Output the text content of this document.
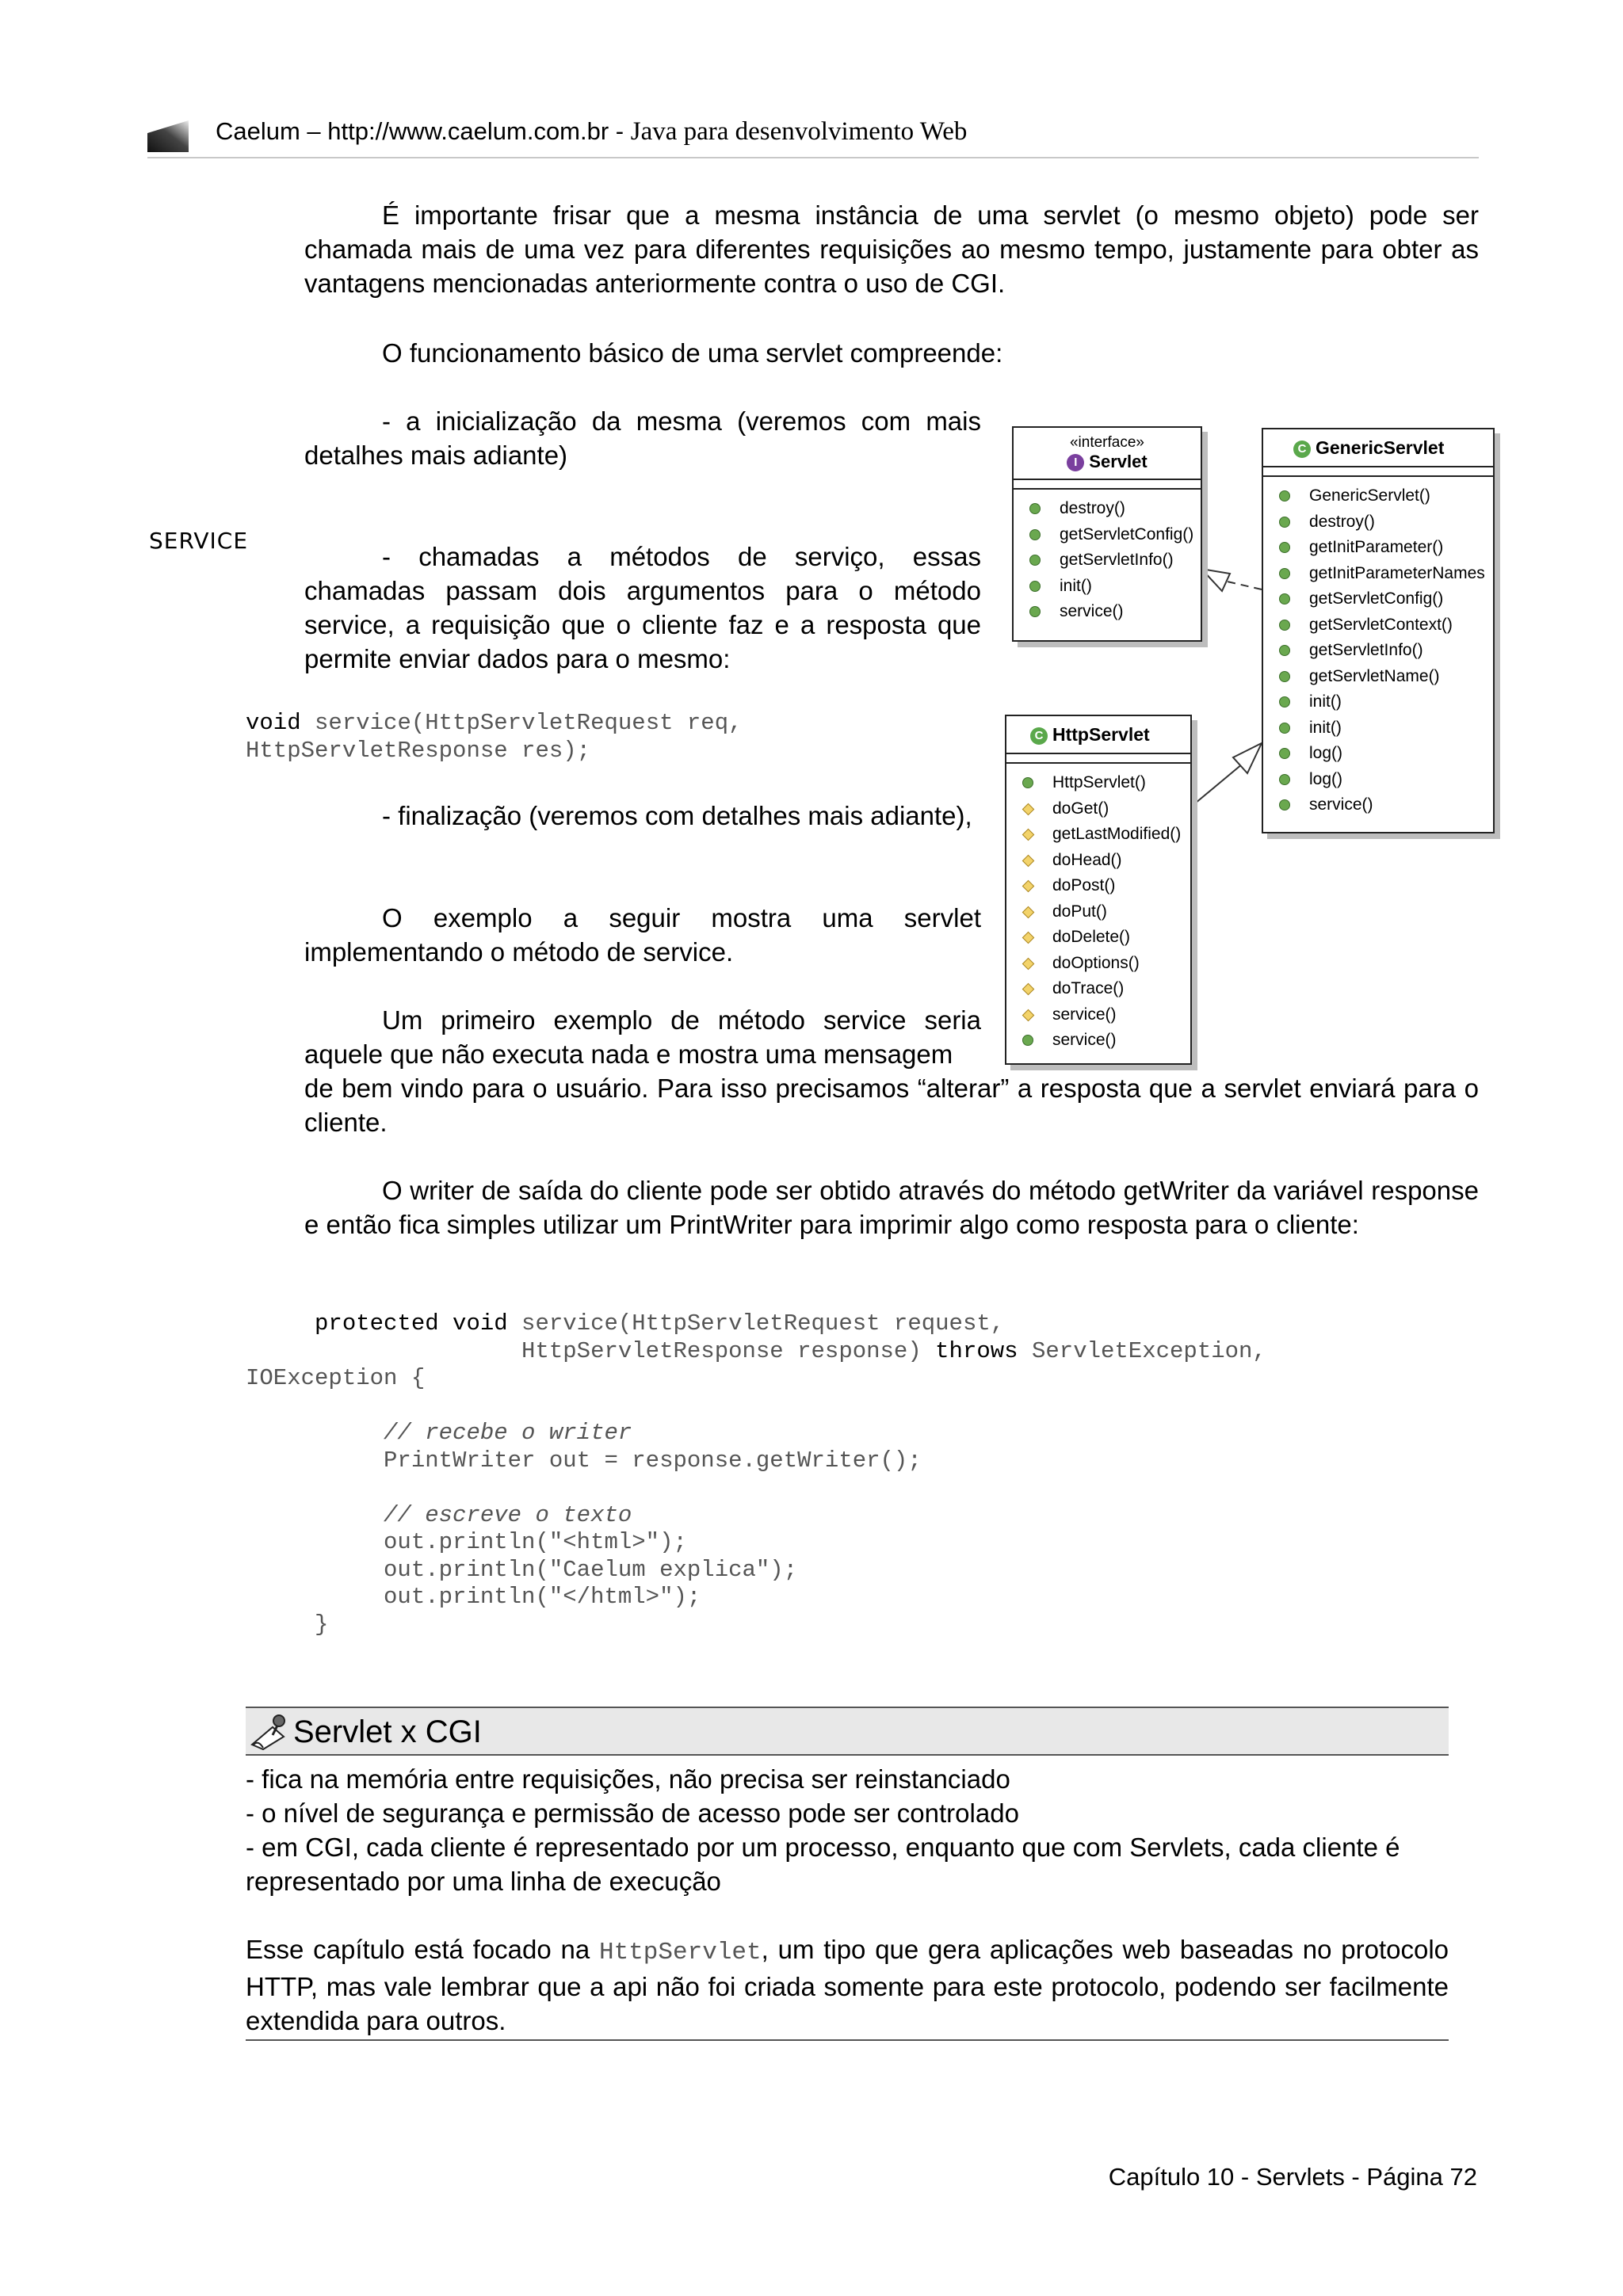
Caelum – http://www.caelum.com.br - Java para desenvolvimento Web

É importante frisar que a mesma instância de uma servlet (o mesmo objeto) pode ser chamada mais de uma vez para diferentes requisições ao mesmo tempo, justamente para obter as vantagens mencionadas anteriormente contra o uso de CGI.

O funcionamento básico de uma servlet compreende:

- a inicialização da mesma (veremos com mais detalhes mais adiante)

SERVICE

- chamadas a métodos de serviço, essas chamadas passam dois argumentos para o método service, a requisição que o cliente faz e a resposta que permite enviar dados para o mesmo:

void service(HttpServletRequest req,
HttpServletResponse res);

- finalização (veremos com detalhes mais adiante),

O exemplo a seguir mostra uma servlet implementando o método de service.

Um primeiro exemplo de método service seria aquele que não executa nada e mostra uma mensagem

de bem vindo para o usuário. Para isso precisamos “alterar” a resposta que a servlet enviará para o cliente.

O writer de saída do cliente pode ser obtido através do método getWriter da variável response e então fica simples utilizar um PrintWriter para imprimir algo como resposta para o cliente:

protected void service(HttpServletRequest request,
HttpServletResponse response) throws ServletException,
IOException {

// recebe o writer
PrintWriter out = response.getWriter();

// escreve o texto
out.println("<html>");
out.println("Caelum explica");
out.println("</html>");
}
«interface»
I Servlet
destroy()
getServletConfig()
getServletInfo()
init()
service()
C GenericServlet
GenericServlet()
destroy()
getInitParameter()
getInitParameterNames
getServletConfig()
getServletContext()
getServletInfo()
getServletName()
init()
init()
log()
log()
service()
C HttpServlet
HttpServlet()
doGet()
getLastModified()
doHead()
doPost()
doPut()
doDelete()
doOptions()
doTrace()
service()
service()
Servlet x CGI
- fica na memória entre requisições, não precisa ser reinstanciado
- o nível de segurança e permissão de acesso pode ser controlado
- em CGI, cada cliente é representado por um processo, enquanto que com Servlets, cada cliente é
representado por uma linha de execução

Esse capítulo está focado na HttpServlet, um tipo que gera aplicações web baseadas no protocolo HTTP, mas vale lembrar que a api não foi criada somente para este protocolo, podendo ser facilmente extendida para outros.

Capítulo 10 - Servlets - Página 72
